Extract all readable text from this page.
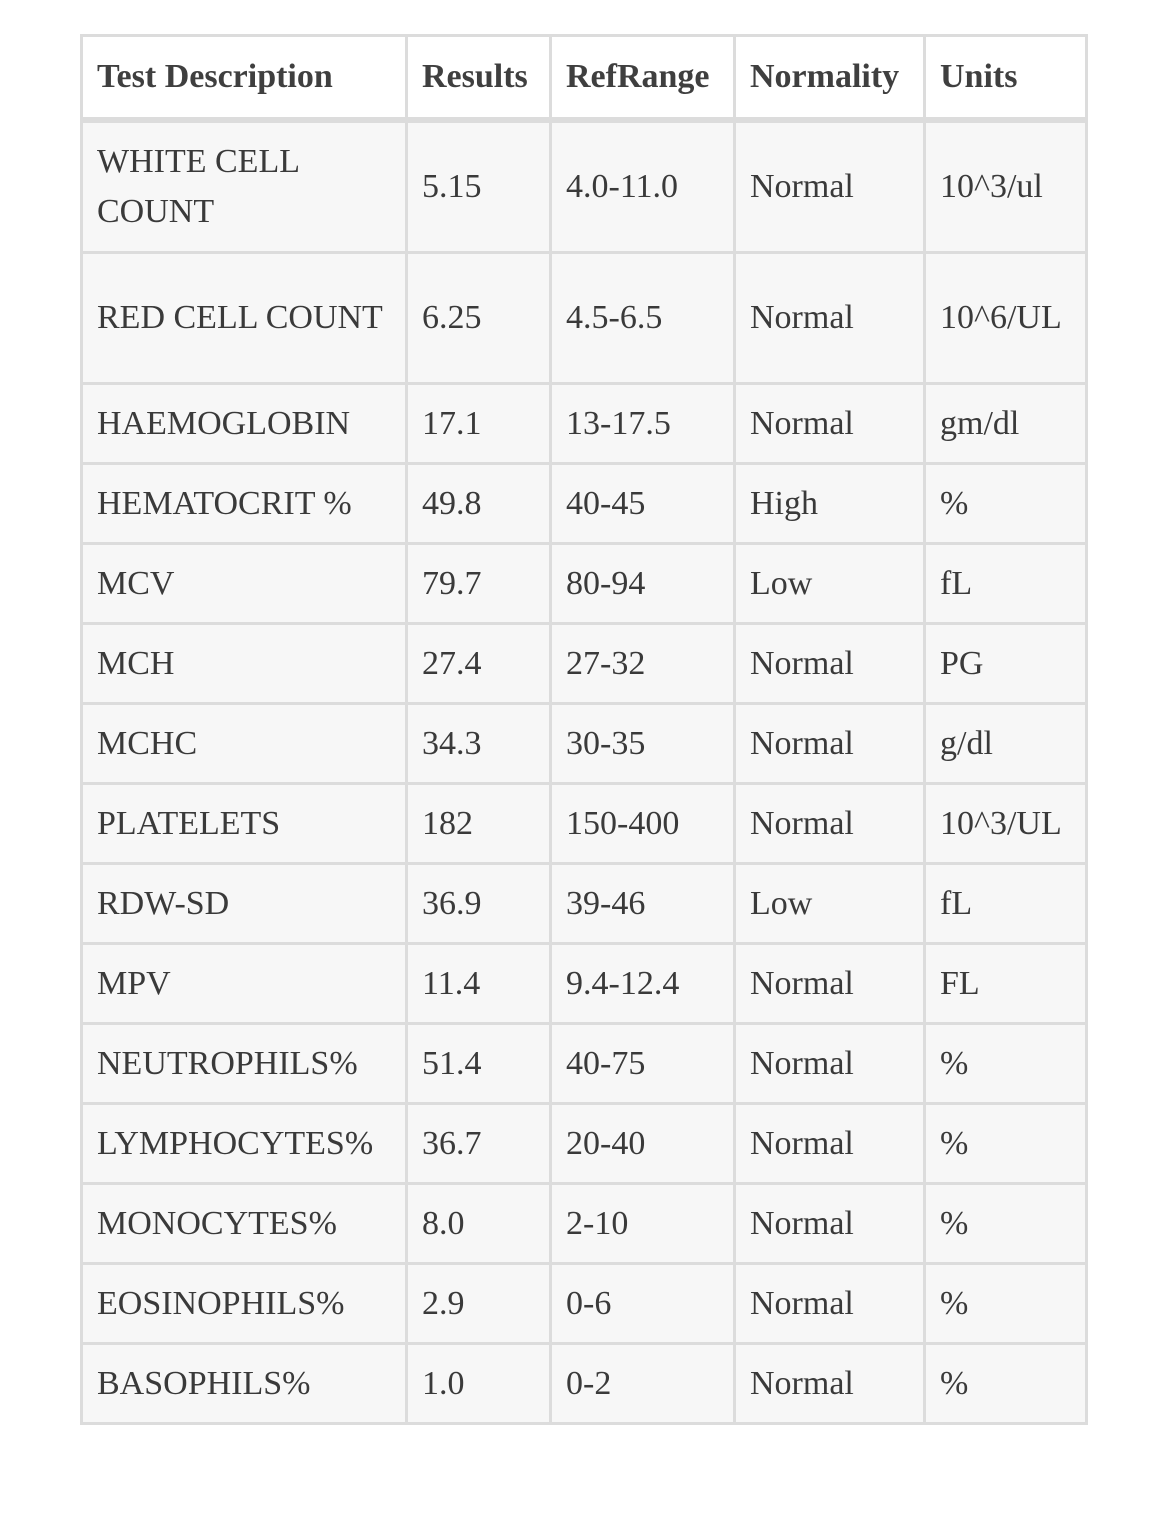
Test Description	Results	RefRange	Normality	Units
WHITE CELL COUNT	5.15	4.0-11.0	Normal	10^3/ul
RED CELL COUNT	6.25	4.5-6.5	Normal	10^6/UL
HAEMOGLOBIN	17.1	13-17.5	Normal	gm/dl
HEMATOCRIT %	49.8	40-45	High	%
MCV	79.7	80-94	Low	fL
MCH	27.4	27-32	Normal	PG
MCHC	34.3	30-35	Normal	g/dl
PLATELETS	182	150-400	Normal	10^3/UL
RDW-SD	36.9	39-46	Low	fL
MPV	11.4	9.4-12.4	Normal	FL
NEUTROPHILS%	51.4	40-75	Normal	%
LYMPHOCYTES%	36.7	20-40	Normal	%
MONOCYTES%	8.0	2-10	Normal	%
EOSINOPHILS%	2.9	0-6	Normal	%
BASOPHILS%	1.0	0-2	Normal	%
